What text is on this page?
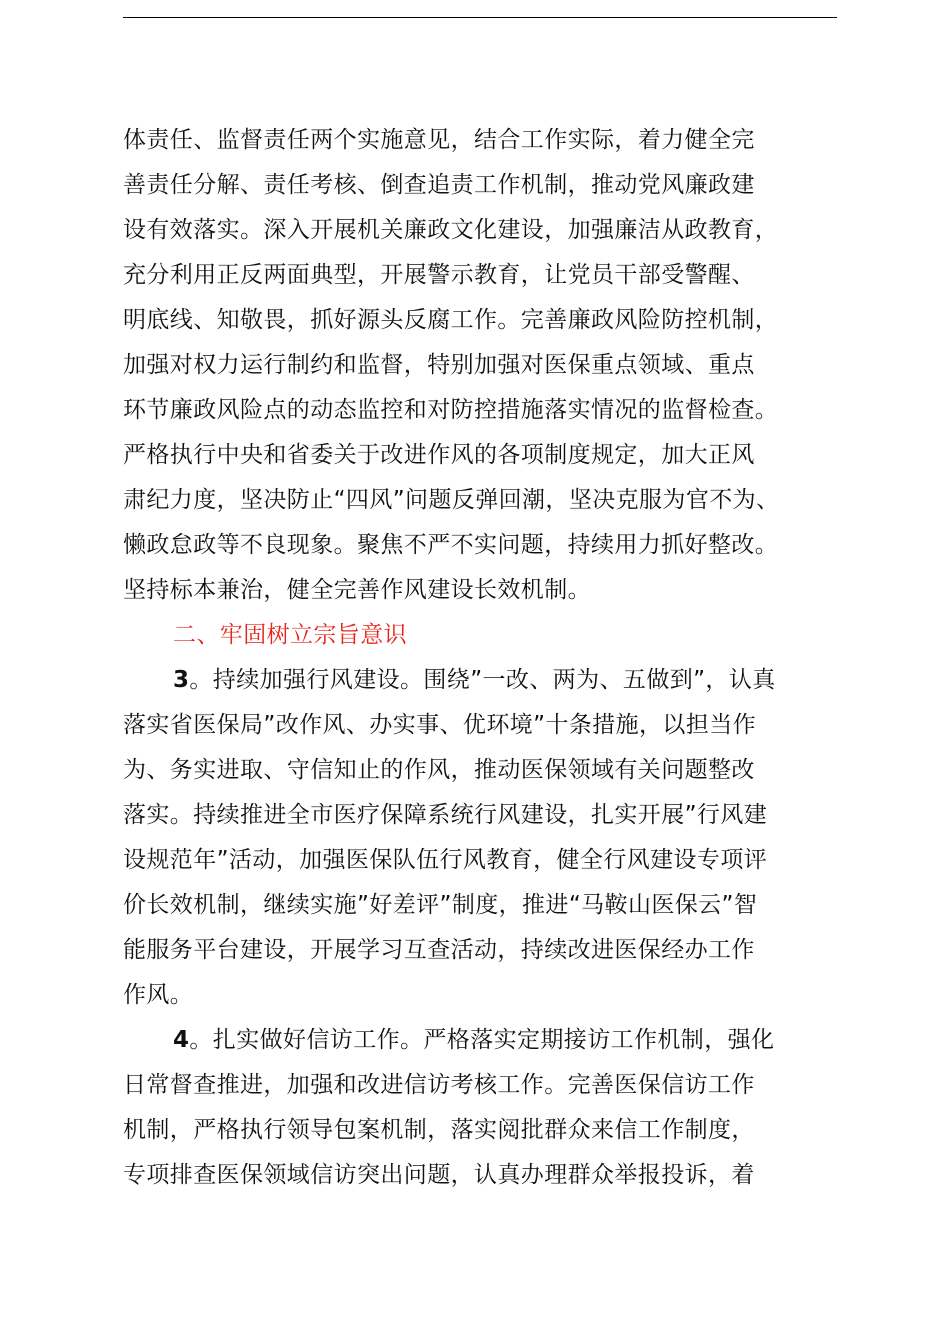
体责任、监督责任两个实施意见，结合工作实际，着力健全完
善责任分解、责任考核、倒查追责工作机制，推动党风廉政建
设有效落实。深入开展机关廉政文化建设，加强廉洁从政教育，
充分利用正反两面典型，开展警示教育，让党员干部受警醒、
明底线、知敬畏，抓好源头反腐工作。完善廉政风险防控机制，
加强对权力运行制约和监督，特别加强对医保重点领域、重点
环节廉政风险点的动态监控和对防控措施落实情况的监督检查。
严格执行中央和省委关于改进作风的各项制度规定，加大正风
肃纪力度，坚决防止“四风”问题反弹回潮，坚决克服为官不为、
懒政怠政等不良现象。聚焦不严不实问题，持续用力抓好整改。
坚持标本兼治，健全完善作风建设长效机制。
二、牢固树立宗旨意识
3。持续加强行风建设。围绕”一改、两为、五做到”，认真
落实省医保局”改作风、办实事、优环境”十条措施，以担当作
为、务实进取、守信知止的作风，推动医保领域有关问题整改
落实。持续推进全市医疗保障系统行风建设，扎实开展”行风建
设规范年”活动，加强医保队伍行风教育，健全行风建设专项评
价长效机制，继续实施”好差评”制度，推进“马鞍山医保云”智
能服务平台建设，开展学习互查活动，持续改进医保经办工作
作风。
4。扎实做好信访工作。严格落实定期接访工作机制，强化
日常督查推进，加强和改进信访考核工作。完善医保信访工作
机制，严格执行领导包案机制，落实阅批群众来信工作制度，
专项排查医保领域信访突出问题，认真办理群众举报投诉，着
